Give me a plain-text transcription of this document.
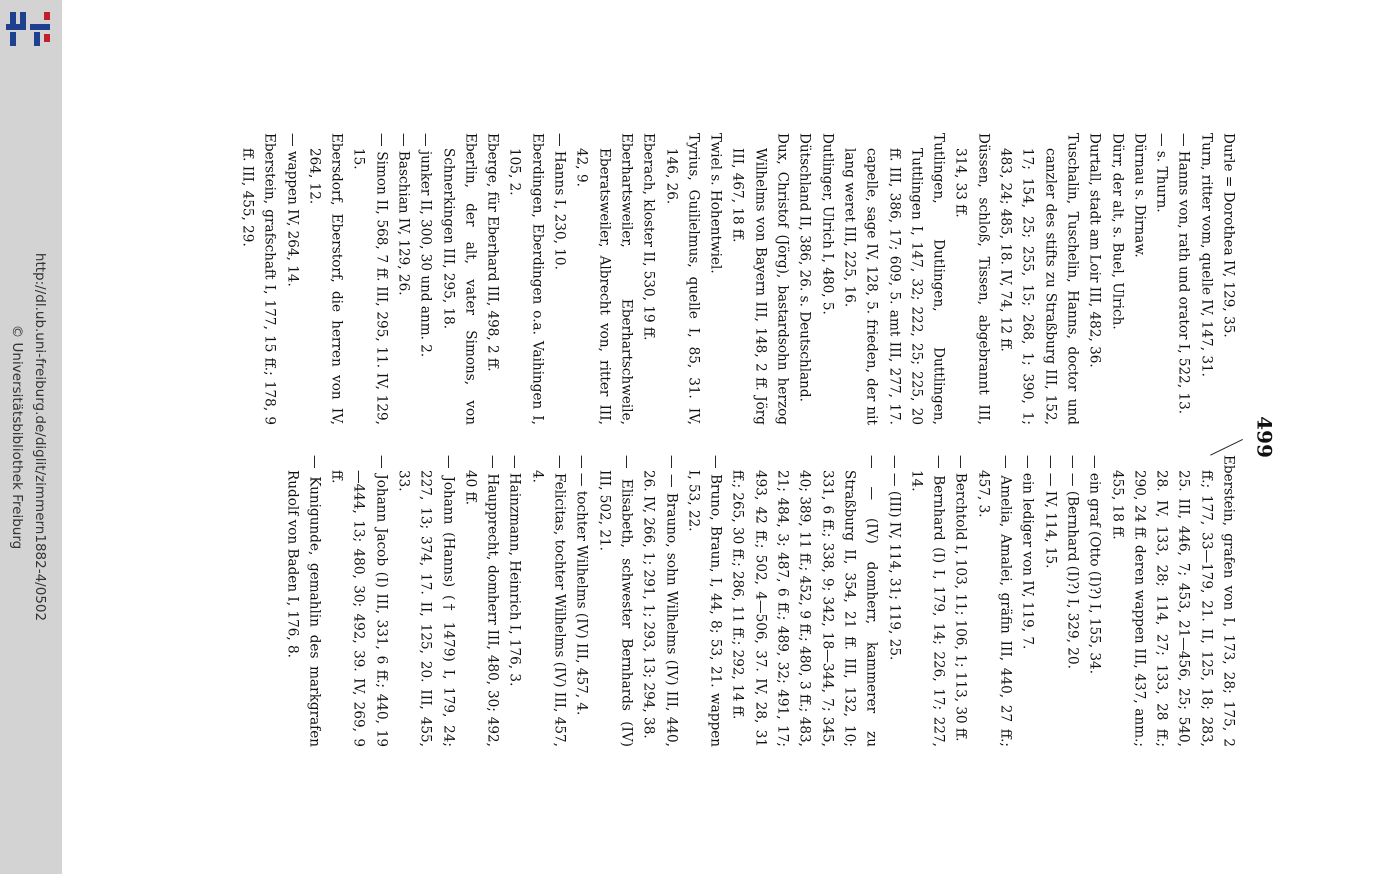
http://dl.ub.uni-freiburg.de/diglit/zimmern1882-4/0502
© Universitätsbibliothek Freiburg	499

Durle = Dorothea IV, 129, 35.

Turn, ritter vom, quelle IV, 147, 31.

— Hanns von, rath und orator I, 522, 13.

— s. Thurn.

Dürnau s. Dirnaw.

Dürr, der alt, s. Buel, Ulrich.

Durtall, stadt am Loir III, 482, 36.

Tuschalin, Tuschelin, Hanns, doctor und canzler des stifts zu Straßburg III, 152, 17; 154, 25; 255, 15; 268, 1; 390, 1; 483, 24; 485, 18. IV, 74, 12 ff.

Düssen, schloß, Tissen, abgebrannt III, 314, 33 ff.

Tutlingen, Dutlingen, Duttlingen, Tuttlingen I, 147, 32; 222, 25; 225, 20 ff. III, 386, 17; 609, 5. amt III, 277, 17. capelle, sage IV, 128, 5. frieden, der nit lang weret III, 225, 16.

Dutlinger, Ulrich I, 480, 5.

Dütschland II, 386, 26. s. Deutschland.

Dux, Christof (Jörg), bastardsohn herzog Wilhelms von Bayern III, 148, 2 ff. Jörg III, 467, 18 ff.

Twiel s. Hohentwiel.

Tyrius, Guilielmus, quelle I, 85, 31. IV, 146, 26.

Eberach, kloster II, 530, 19 ff.

Eberhartsweiler, Eberhartschweile, Eberatsweiler, Albrecht von, ritter III, 42, 9.

— Hanns I, 230, 10.

Eberdingen, Eberdingen o.a. Vaihingen I, 105, 2.

Eberge, für Eberhard III, 498, 2 ff.

Eberlin, der alt, vater Simons, von Schnerkingen III, 295, 18.

— junker II, 300, 30 und anm. 2.

— Baschian IV, 129, 26.

— Simon II, 568, 7 ff. III, 295, 11. IV, 129, 15.

Ebersdorf, Eberstorf, die herren von IV, 264, 12.

— wappen IV, 264, 14.

Eberstein, grafschaft I, 177, 15 ff.; 178, 9 ff. III, 455, 29.

Eberstein, grafen von I, 173, 28; 175, 2 ff.; 177, 33—179, 21. II, 125, 18; 283, 25. III, 446, 7; 453, 21—456, 25; 540, 28. IV, 133, 28; 114, 27; 133, 28 ff.; 290, 24 ff. deren wappen III, 437, anm.; 455, 18 ff.

— ein graf (Otto (I)?) I, 155, 34.

— — (Bernhard (I)?) I, 329, 20.

— — IV, 114, 15.

— ein lediger von IV, 119, 7.

— Amelia, Amalei, gräfin III, 440, 27 ff.; 457, 3.

— Berchtold I, 103, 11; 106, 1; 113, 30 ff.

— Bernhard (I) I, 179, 14; 226, 17; 227, 14.

— — (III) IV, 114, 31; 119, 25.

— — (IV) domherr, kammerer zu Straßburg II, 354, 21 ff. III, 132, 10; 331, 6 ff.; 338, 9; 342, 18—344, 7; 345, 40; 389, 11 ff.; 452, 9 ff.; 480, 3 ff.; 483, 21; 484, 3; 487, 6 ff.; 489, 32; 491, 17; 493, 42 ff.; 502, 4—506, 37. IV, 28, 31 ff.; 265, 30 ff.; 286, 11 ff.; 292, 14 ff.

— Bruno, Braun, I, 44, 8; 53, 21. wappen I, 53, 22.

— — Brauno, sohn Wilhelms (IV) III, 440, 26. IV, 266, 1; 291, 1; 293, 13; 294, 38.

— Elisabeth, schwester Bernhards (IV) III, 502, 21.

— — tochter Wilhelms (IV) III, 457, 4.

— Felicitas, tochter Wilhelms (IV) III, 457, 4.

— Hainzmann, Heinrich I, 176, 3.

— Haupprecht, domherr III, 480, 30; 492, 40 ff.

— Johann (Hanns) († 1479) I, 179, 24; 227, 13; 374, 17. II, 125, 20. III, 455, 33.

— Johann Jacob (I) III, 331, 6 ff.; 440, 19—444, 13; 480, 30; 492, 39. IV, 269, 9 ff.

— Kunigunde, gemahlin des markgrafen Rudolf von Baden I, 176, 8.
